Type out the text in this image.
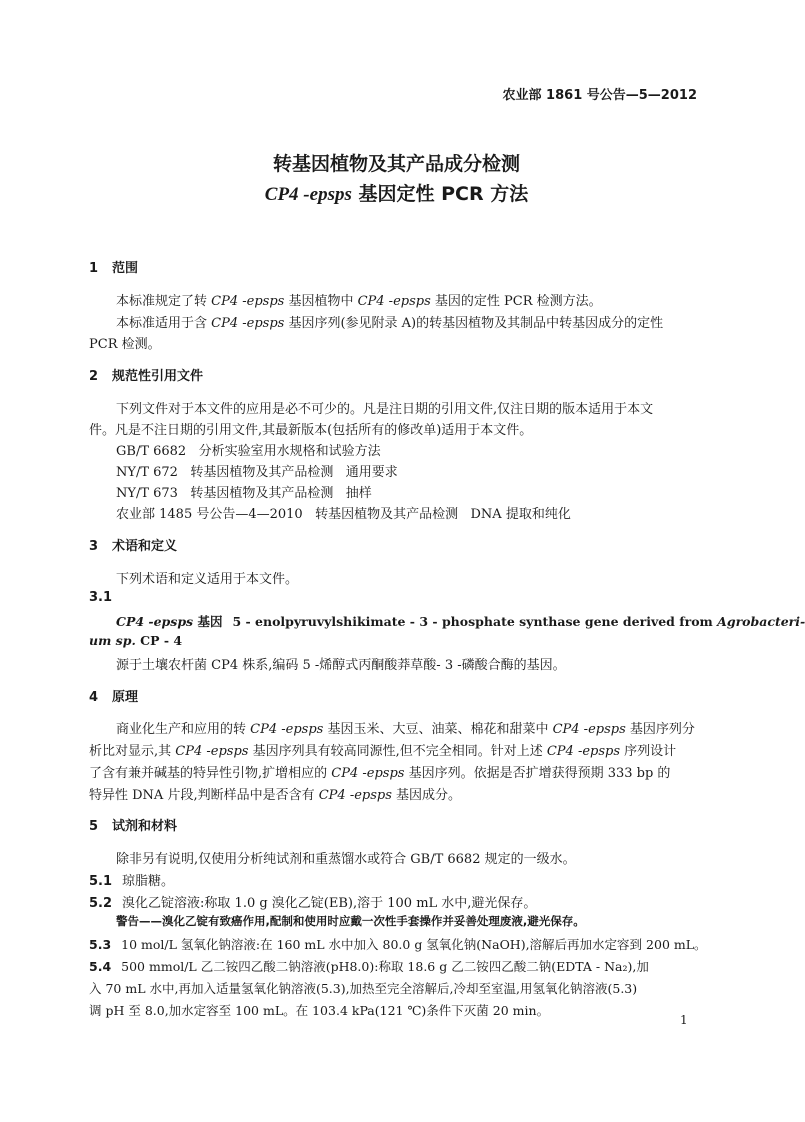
农业部 1861 号公告—5—2012
转基因植物及其产品成分检测
CP4 -epsps 基因定性 PCR 方法
1 范围
本标准规定了转 CP4 -epsps 基因植物中 CP4 -epsps 基因的定性 PCR 检测方法。
本标准适用于含 CP4 -epsps 基因序列(参见附录 A)的转基因植物及其制品中转基因成分的定性
PCR 检测。
2 规范性引用文件
下列文件对于本文件的应用是必不可少的。凡是注日期的引用文件,仅注日期的版本适用于本文
件。凡是不注日期的引用文件,其最新版本(包括所有的修改单)适用于本文件。
GB/T 6682   分析实验室用水规格和试验方法
NY/T 672   转基因植物及其产品检测   通用要求
NY/T 673   转基因植物及其产品检测   抽样
农业部 1485 号公告—4—2010   转基因植物及其产品检测   DNA 提取和纯化
3 术语和定义
下列术语和定义适用于本文件。
3.1
CP4 -epsps 基因 5 - enolpyruvylshikimate - 3 - phosphate synthase gene derived from Agrobacteri-
um sp. CP - 4
源于土壤农杆菌 CP4 株系,编码 5 -烯醇式丙酮酸莽草酸- 3 -磷酸合酶的基因。
4 原理
商业化生产和应用的转 CP4 -epsps 基因玉米、大豆、油菜、棉花和甜菜中 CP4 -epsps 基因序列分
析比对显示,其 CP4 -epsps 基因序列具有较高同源性,但不完全相同。针对上述 CP4 -epsps 序列设计
了含有兼并碱基的特异性引物,扩增相应的 CP4 -epsps 基因序列。依据是否扩增获得预期 333 bp 的
特异性 DNA 片段,判断样品中是否含有 CP4 -epsps 基因成分。
5 试剂和材料
除非另有说明,仅使用分析纯试剂和重蒸馏水或符合 GB/T 6682 规定的一级水。
5.1 琼脂糖。
5.2 溴化乙锭溶液:称取 1.0 g 溴化乙锭(EB),溶于 100 mL 水中,避光保存。
警告——溴化乙锭有致癌作用,配制和使用时应戴一次性手套操作并妥善处理废液,避光保存。
5.3 10 mol/L 氢氧化钠溶液:在 160 mL 水中加入 80.0 g 氢氧化钠(NaOH),溶解后再加水定容到 200 mL。
5.4 500 mmol/L 乙二铵四乙酸二钠溶液(pH8.0):称取 18.6 g 乙二铵四乙酸二钠(EDTA - Na₂),加
入 70 mL 水中,再加入适量氢氧化钠溶液(5.3),加热至完全溶解后,冷却至室温,用氢氧化钠溶液(5.3)
调 pH 至 8.0,加水定容至 100 mL。在 103.4 kPa(121 ℃)条件下灭菌 20 min。
1
